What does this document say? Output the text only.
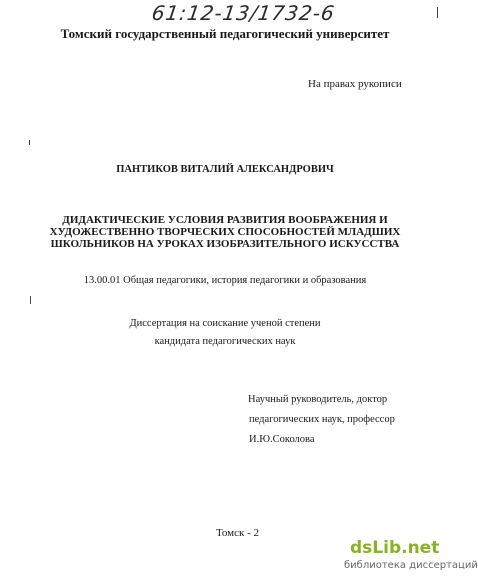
61:12-13/1732-6
Томский государственный педагогический университет
На правах рукописи
ПАНТИКОВ ВИТАЛИЙ АЛЕКСАНДРОВИЧ
ДИДАКТИЧЕСКИЕ УСЛОВИЯ РАЗВИТИЯ ВООБРАЖЕНИЯ И
ХУДОЖЕСТВЕННО ТВОРЧЕСКИХ СПОСОБНОСТЕЙ МЛАДШИХ
ШКОЛЬНИКОВ НА УРОКАХ ИЗОБРАЗИТЕЛЬНОГО ИСКУССТВА
13.00.01 Общая педагогики, история педагогики и образования
Диссертация на соискание ученой степени
кандидата педагогических наук
Научный руководитель, доктор
педагогических наук, профессор
И.Ю.Соколова
Томск - 2
dsLib.net
библиотека диссертаций
